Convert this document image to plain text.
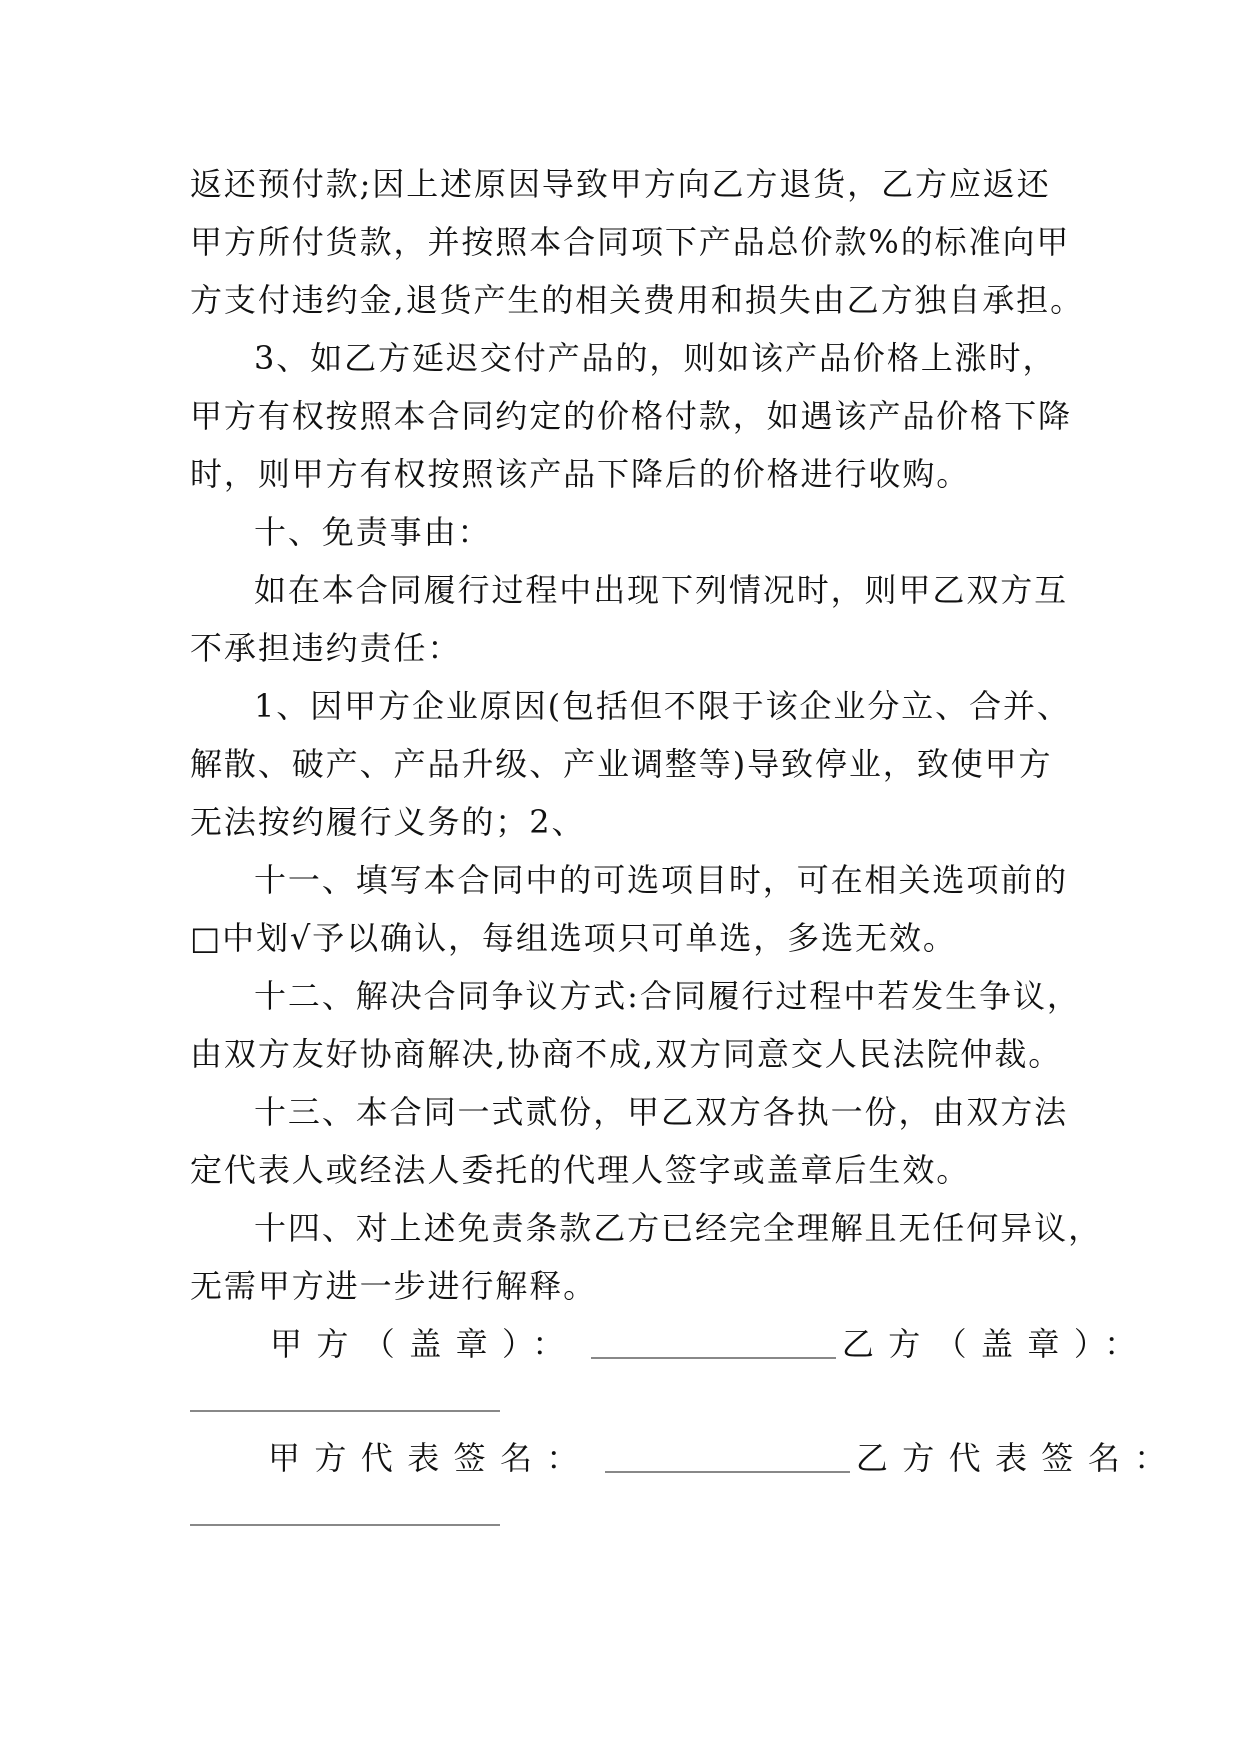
返还预付款;因上述原因导致甲方向乙方退货，乙方应返还

甲方所付货款，并按照本合同项下产品总价款%的标准向甲

方支付违约金,退货产生的相关费用和损失由乙方独自承担。

3、如乙方延迟交付产品的，则如该产品价格上涨时，

甲方有权按照本合同约定的价格付款，如遇该产品价格下降

时，则甲方有权按照该产品下降后的价格进行收购。

十、免责事由：

如在本合同履行过程中出现下列情况时，则甲乙双方互

不承担违约责任：

1、因甲方企业原因(包括但不限于该企业分立、合并、

解散、破产、产品升级、产业调整等)导致停业，致使甲方

无法按约履行义务的；2、

十一、填写本合同中的可选项目时，可在相关选项前的

□中划√予以确认，每组选项只可单选，多选无效。

十二、解决合同争议方式:合同履行过程中若发生争议，

由双方友好协商解决,协商不成,双方同意交人民法院仲裁。

十三、本合同一式贰份，甲乙双方各执一份，由双方法

定代表人或经法人委托的代理人签字或盖章后生效。

十四、对上述免责条款乙方已经完全理解且无任何异议，

无需甲方进一步进行解释。

甲方（盖章）：	乙方（盖章）：
甲方代表签名：	乙方代表签名：
